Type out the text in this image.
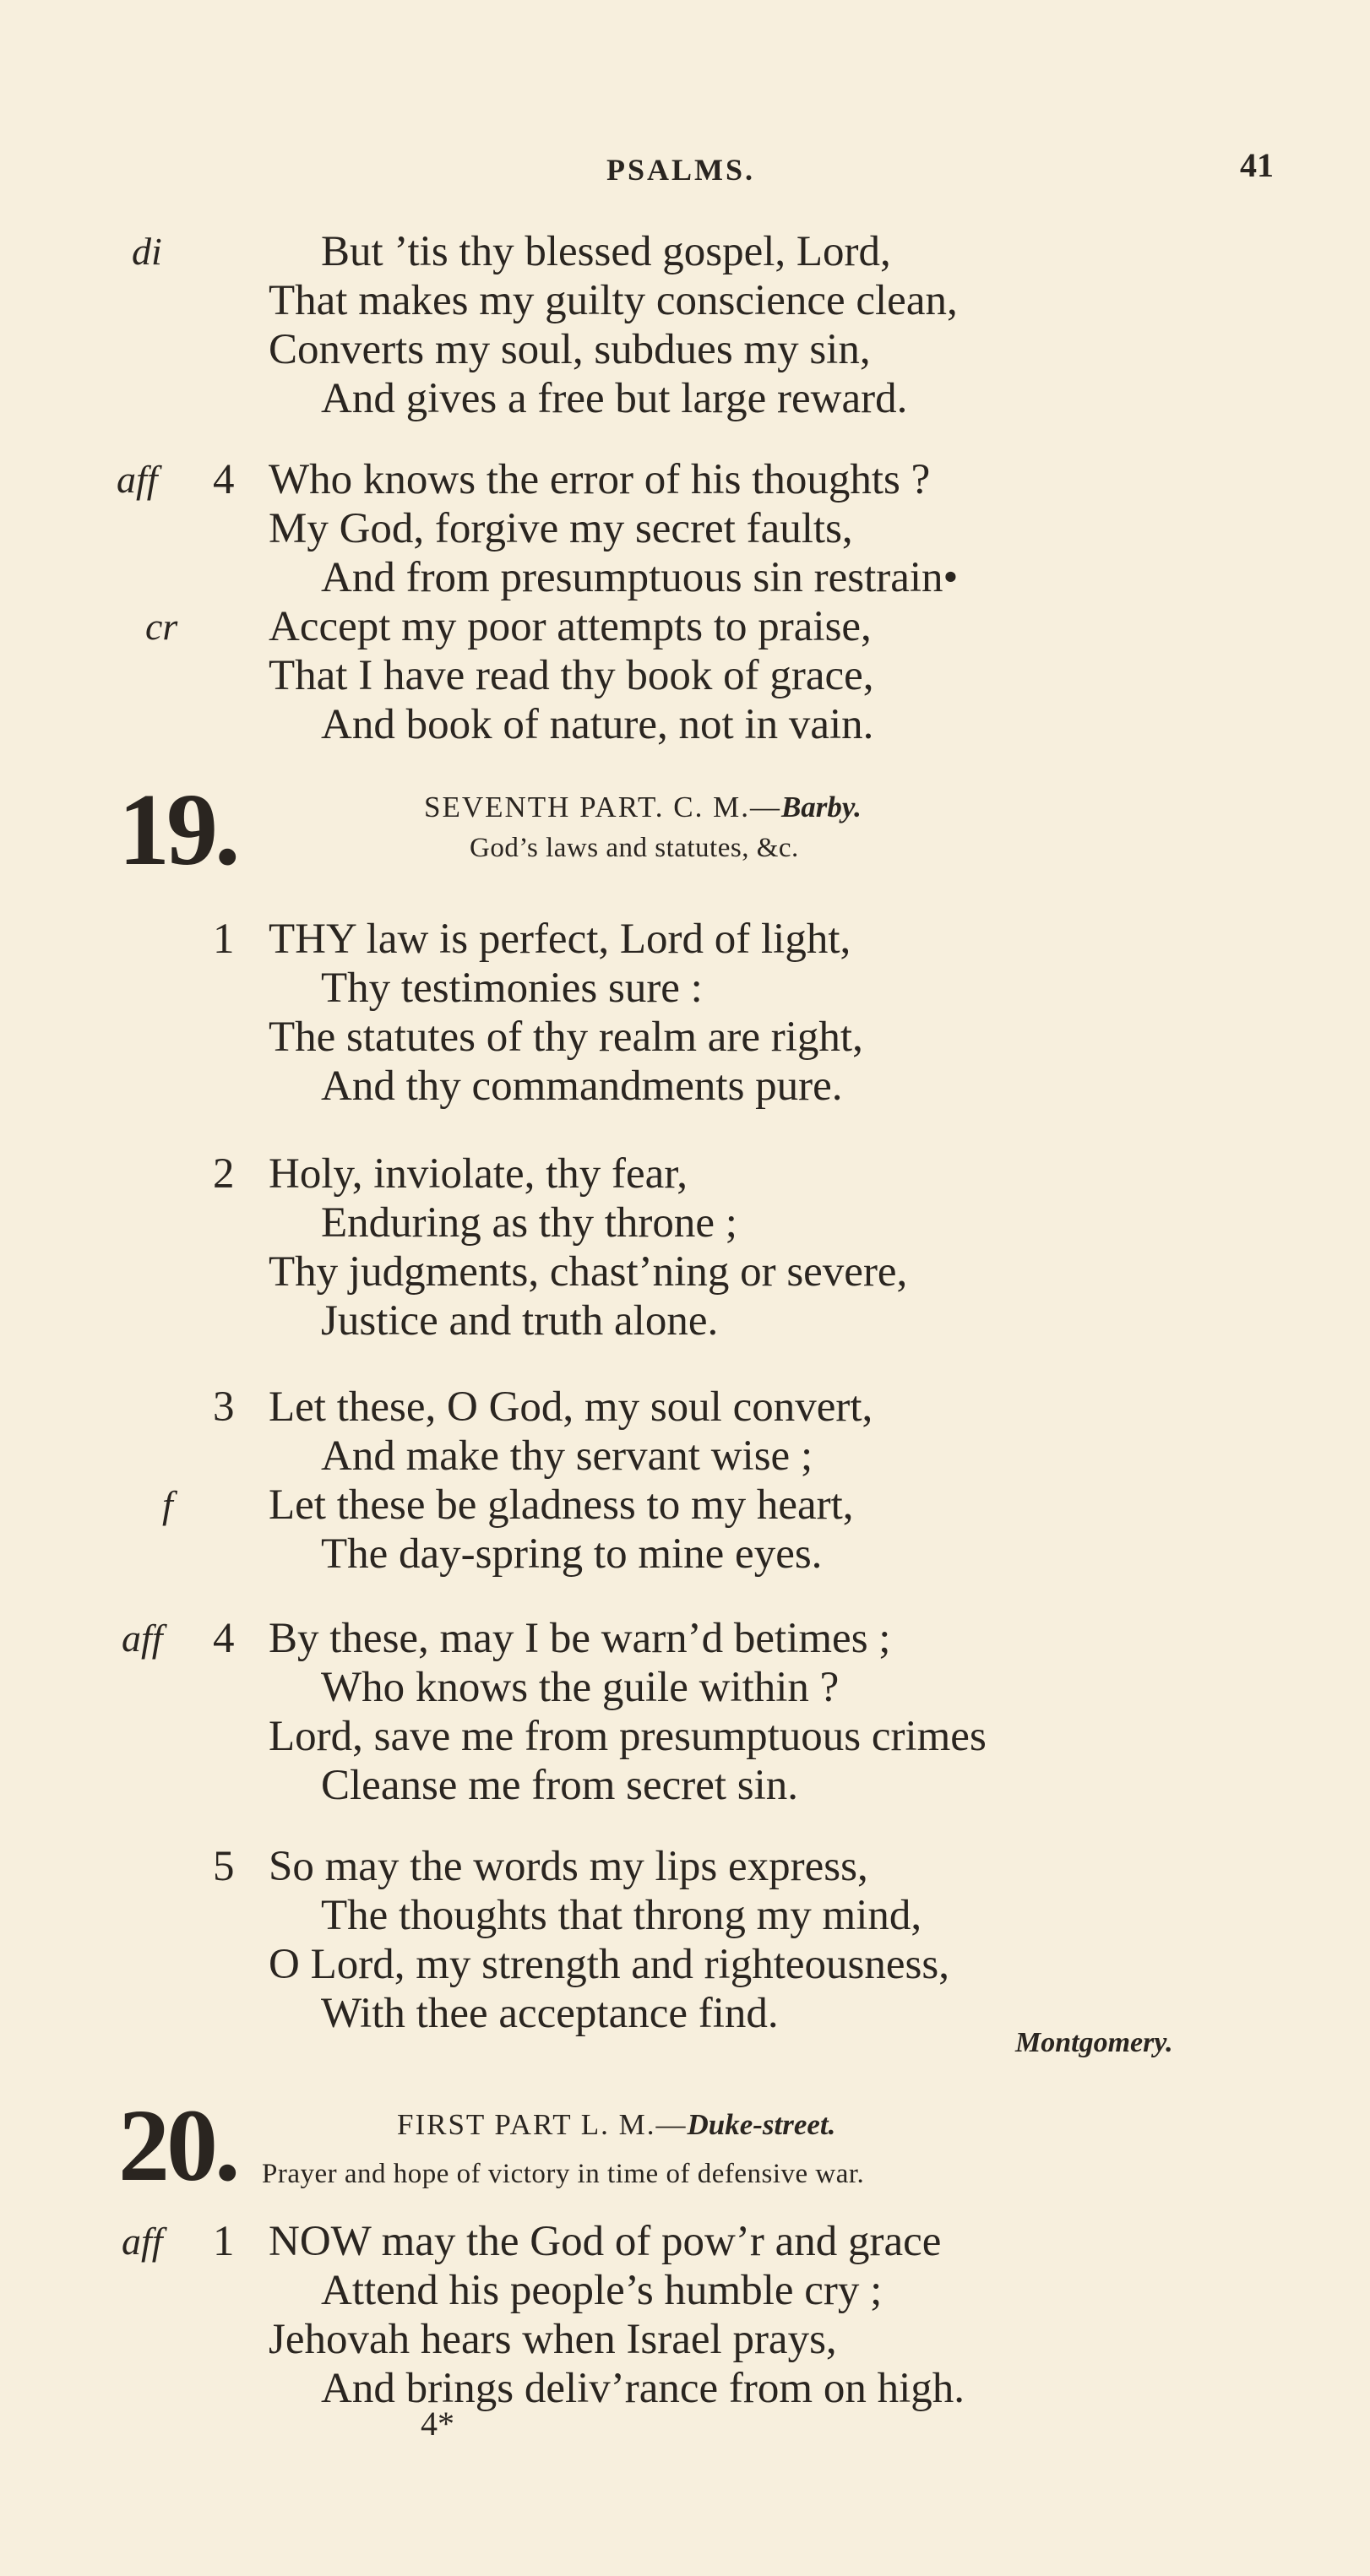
PSALMS.	41
di	But ’tis thy blessed gospel, Lord,
That makes my guilty conscience clean,
Converts my soul, subdues my sin,
And gives a free but large reward.
aff 4 Who knows the error of his thoughts ?
My God, forgive my secret faults,
And from presumptuous sin restrain•
cr Accept my poor attempts to praise,
That I have read thy book of grace,
And book of nature, not in vain.
19.	SEVENTH PART. C. M.—Barby.
God’s laws and statutes, &c.
1 THY law is perfect, Lord of light,
Thy testimonies sure :
The statutes of thy realm are right,
And thy commandments pure.
2 Holy, inviolate, thy fear,
Enduring as thy throne ;
Thy judgments, chast’ning or severe,
Justice and truth alone.
3 Let these, O God, my soul convert,
And make thy servant wise ;
f Let these be gladness to my heart,
The day-spring to mine eyes.
aff 4 By these, may I be warn’d betimes ;
Who knows the guile within ?
Lord, save me from presumptuous crimes
Cleanse me from secret sin.
5 So may the words my lips express,
The thoughts that throng my mind,
O Lord, my strength and righteousness,
With thee acceptance find.
Montgomery.
20.	FIRST PART L. M.—Duke-street.
Prayer and hope of victory in time of defensive war.
aff 1 NOW may the God of pow’r and grace
Attend his people’s humble cry ;
Jehovah hears when Israel prays,
And brings deliv’rance from on high.
4*
